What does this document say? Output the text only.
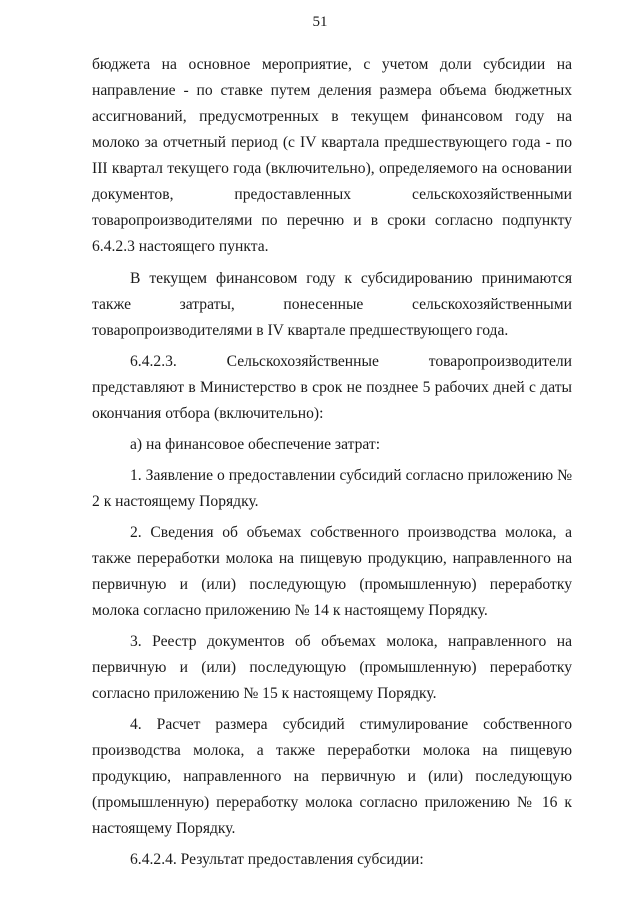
51

бюджета на основное мероприятие, с учетом доли субсидии на направление - по ставке путем деления размера объема бюджетных ассигнований, предусмотренных в текущем финансовом году на молоко за отчетный период (с IV квартала предшествующего года - по III квартал текущего года (включительно), определяемого на основании документов, предоставленных сельскохозяйственными товаропроизводителями по перечню и в сроки согласно подпункту 6.4.2.3 настоящего пункта.

В текущем финансовом году к субсидированию принимаются также затраты, понесенные сельскохозяйственными товаропроизводителями в IV квартале предшествующего года.

6.4.2.3. Сельскохозяйственные товаропроизводители представляют в Министерство в срок не позднее 5 рабочих дней с даты окончания отбора (включительно):

а) на финансовое обеспечение затрат:

1. Заявление о предоставлении субсидий согласно приложению № 2 к настоящему Порядку.

2. Сведения об объемах собственного производства молока, а также переработки молока на пищевую продукцию, направленного на первичную и (или) последующую (промышленную) переработку молока согласно приложению № 14 к настоящему Порядку.

3. Реестр документов об объемах молока, направленного на первичную и (или) последующую (промышленную) переработку согласно приложению № 15 к настоящему Порядку.

4. Расчет размера субсидий стимулирование собственного производства молока, а также переработки молока на пищевую продукцию, направленного на первичную и (или) последующую (промышленную) переработку молока согласно приложению № 16 к настоящему Порядку.

6.4.2.4. Результат предоставления субсидии:
